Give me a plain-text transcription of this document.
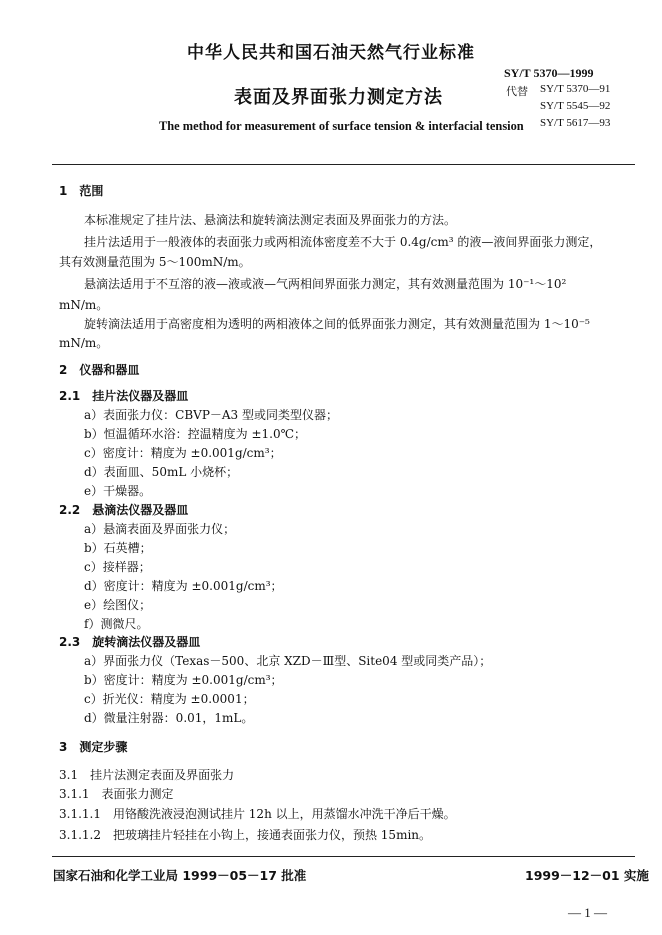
中华人民共和国石油天然气行业标准
SY/T 5370—1999
代替 SY/T 5370—91
SY/T 5545—92
SY/T 5617—93
表面及界面张力测定方法
The method for measurement of surface tension & interfacial tension
1　范围
本标准规定了挂片法、悬滴法和旋转滴法测定表面及界面张力的方法。
挂片法适用于一般液体的表面张力或两相流体密度差不大于 0.4g/cm³ 的液—液间界面张力测定，
其有效测量范围为 5～100mN/m。
悬滴法适用于不互溶的液—液或液—气两相间界面张力测定，其有效测量范围为 10⁻¹～10²
mN/m。
旋转滴法适用于高密度相为透明的两相液体之间的低界面张力测定，其有效测量范围为 1～10⁻⁵
mN/m。
2　仪器和器皿
2.1　挂片法仪器及器皿
a）表面张力仪：CBVP－A3 型或同类型仪器；
b）恒温循环水浴：控温精度为 ±1.0℃；
c）密度计：精度为 ±0.001g/cm³；
d）表面皿、50mL 小烧杯；
e）干燥器。
2.2　悬滴法仪器及器皿
a）悬滴表面及界面张力仪；
b）石英槽；
c）接样器；
d）密度计：精度为 ±0.001g/cm³；
e）绘图仪；
f）测微尺。
2.3　旋转滴法仪器及器皿
a）界面张力仪（Texas－500、北京 XZD－Ⅲ型、Site04 型或同类产品）；
b）密度计：精度为 ±0.001g/cm³；
c）折光仪：精度为 ±0.0001；
d）微量注射器：0.01，1mL。
3　测定步骤
3.1　挂片法测定表面及界面张力
3.1.1　表面张力测定
3.1.1.1　用铬酸洗液浸泡测试挂片 12h 以上，用蒸馏水冲洗干净后干燥。
3.1.1.2　把玻璃挂片轻挂在小钩上，接通表面张力仪，预热 15min。
国家石油和化学工业局 1999－05－17 批准	1999－12－01 实施
— 1 —
